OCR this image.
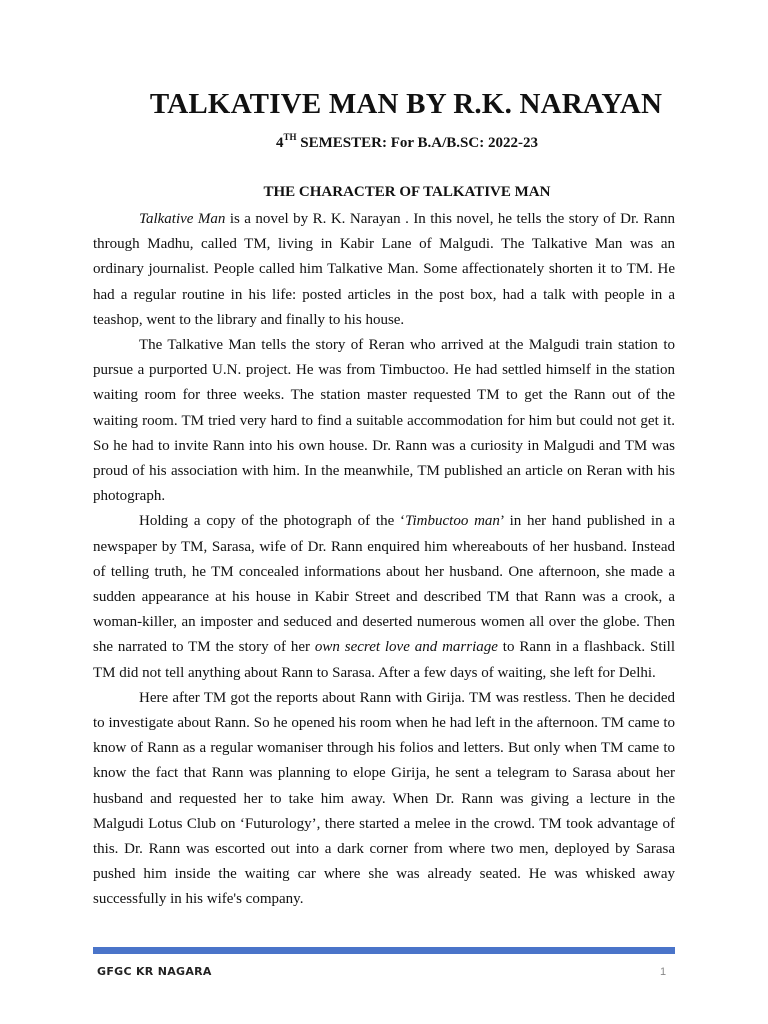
TALKATIVE MAN BY R.K. NARAYAN

4TH SEMESTER: For B.A/B.SC: 2022-23

THE CHARACTER OF TALKATIVE MAN

Talkative Man is a novel by R. K. Narayan . In this novel, he tells the story of Dr. Rann through Madhu, called TM, living in Kabir Lane of Malgudi. The Talkative Man was an ordinary journalist. People called him Talkative Man. Some affectionately shorten it to TM. He had a regular routine in his life: posted articles in the post box, had a talk with people in a teashop, went to the library and finally to his house.

The Talkative Man tells the story of Reran who arrived at the Malgudi train station to pursue a purported U.N. project. He was from Timbuctoo. He had settled himself in the station waiting room for three weeks. The station master requested TM to get the Rann out of the waiting room. TM tried very hard to find a suitable accommodation for him but could not get it. So he had to invite Rann into his own house. Dr. Rann was a curiosity in Malgudi and TM was proud of his association with him. In the meanwhile, TM published an article on Reran with his photograph.

Holding a copy of the photograph of the ‘Timbuctoo man’ in her hand published in a newspaper by TM, Sarasa, wife of Dr. Rann enquired him whereabouts of her husband. Instead of telling truth, he TM concealed informations about her husband. One afternoon, she made a sudden appearance at his house in Kabir Street and described TM that Rann was a crook, a woman-killer, an imposter and seduced and deserted numerous women all over the globe. Then she narrated to TM the story of her own secret love and marriage to Rann in a flashback. Still TM did not tell anything about Rann to Sarasa. After a few days of waiting, she left for Delhi.

Here after TM got the reports about Rann with Girija. TM was restless. Then he decided to investigate about Rann. So he opened his room when he had left in the afternoon. TM came to know of Rann as a regular womaniser through his folios and letters. But only when TM came to know the fact that Rann was planning to elope Girija, he sent a telegram to Sarasa about her husband and requested her to take him away. When Dr. Rann was giving a lecture in the Malgudi Lotus Club on ‘Futurology’, there started a melee in the crowd. TM took advantage of this. Dr. Rann was escorted out into a dark corner from where two men, deployed by Sarasa pushed him inside the waiting car where she was already seated. He was whisked away successfully in his wife's company.

GFGC KR NAGARA	1
